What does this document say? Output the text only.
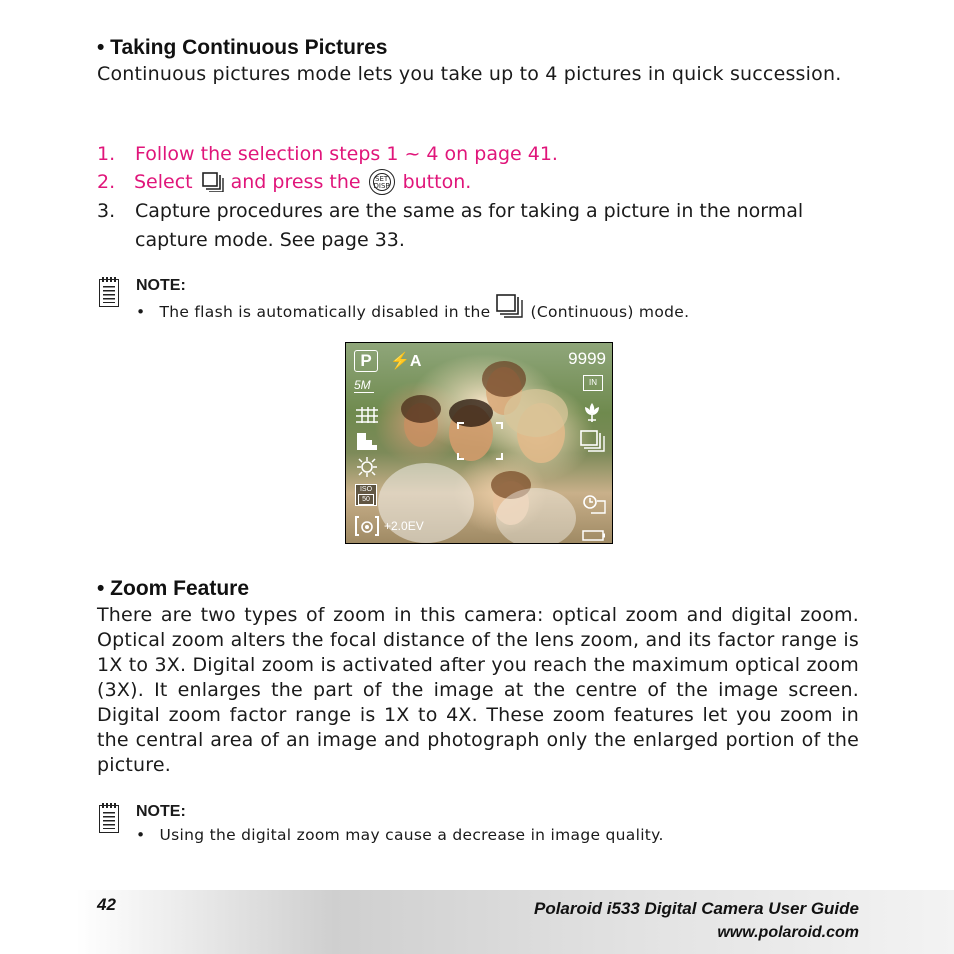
• Taking Continuous Pictures
Continuous pictures mode lets you take up to 4 pictures in quick succession.
1. Follow the selection steps 1 ~ 4 on page 41.
2. Select and press the	SET
DISP button.
3. Capture procedures are the same as for taking a picture in the normal
capture mode. See page 33.
NOTE:
• The flash is automatically disabled in the	(Continuous) mode.
P	⚡A	9999
5M	IN
ISO
50
+2.0EV
• Zoom Feature
There are two types of zoom in this camera: optical zoom and digital zoom. Optical zoom alters the focal distance of the lens zoom, and its factor range is 1X to 3X. Digital zoom is activated after you reach the maximum optical zoom (3X). It enlarges the part of the image at the centre of the image screen. Digital zoom factor range is 1X to 4X. These zoom features let you zoom in the central area of an image and photograph only the enlarged portion of the picture.
NOTE:
• Using the digital zoom may cause a decrease in image quality.
42	Polaroid i533 Digital Camera User Guide
www.polaroid.com
